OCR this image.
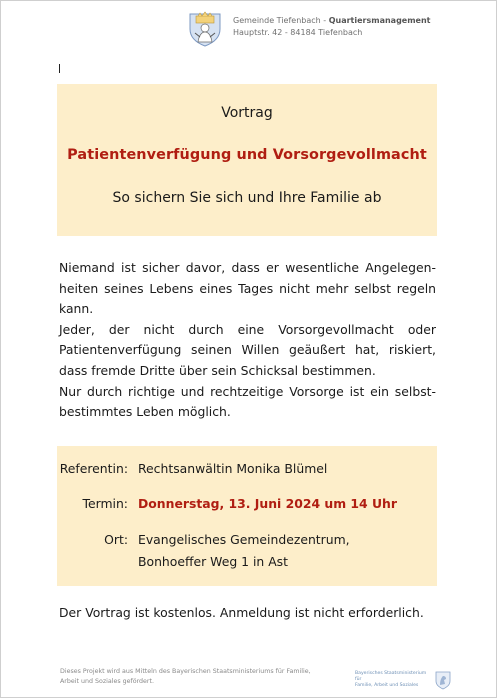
Gemeinde Tiefenbach - Quartiersmanagement
Hauptstr. 42 - 84184 Tiefenbach
Vortrag
Patientenverfügung und Vorsorgevollmacht
So sichern Sie sich und Ihre Familie ab

Niemand ist sicher davor, dass er wesentliche Angelegenheiten seines Lebens eines Tages nicht mehr selbst regeln kann.

Jeder, der nicht durch eine Vorsorgevollmacht oder Patientenverfügung seinen Willen geäußert hat, riskiert, dass fremde Dritte über sein Schicksal bestimmen.

Nur durch richtige und rechtzeitige Vorsorge ist ein selbstbestimmtes Leben möglich.

Referentin: Rechtsanwältin Monika Blümel
Termin: Donnerstag, 13. Juni 2024 um 14 Uhr
Ort: Evangelisches Gemeindezentrum,
Bonhoeffer Weg 1 in Ast
Der Vortrag ist kostenlos. Anmeldung ist nicht erforderlich.
Dieses Projekt wird aus Mitteln des Bayerischen Staatsministeriums für Familie,
Arbeit und Soziales gefördert.
Bayerisches Staatsministerium für
Familie, Arbeit und Soziales
